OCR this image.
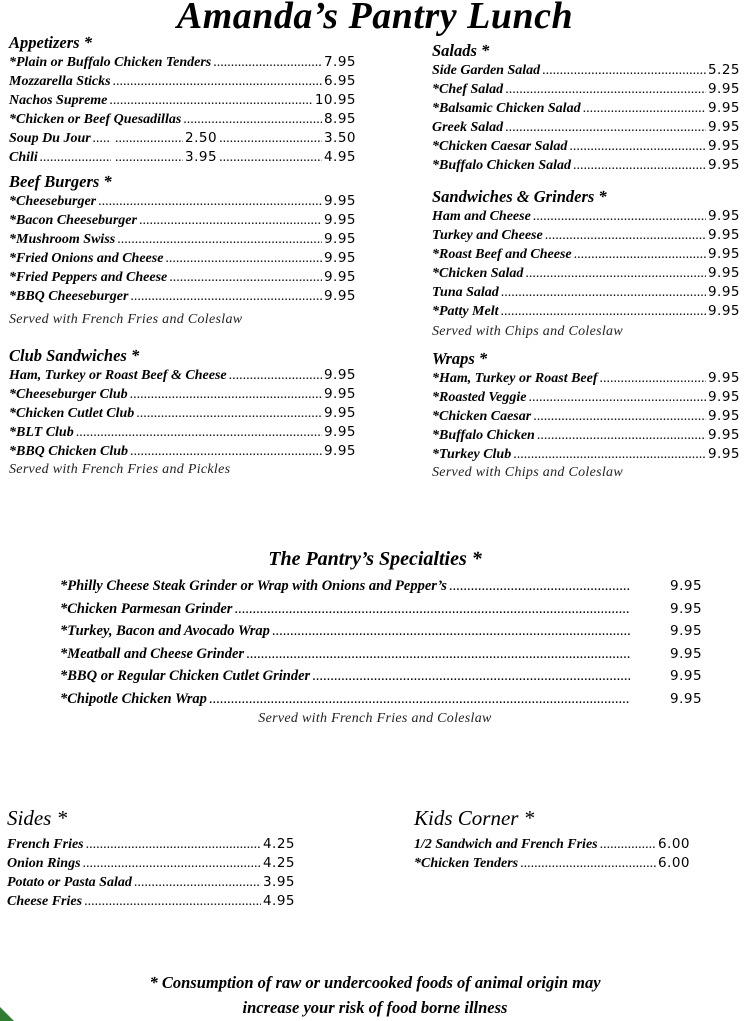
Amanda’s Pantry Lunch
Appetizers *
*Plain or Buffalo Chicken Tenders .....	7.95
Mozzarella Sticks .....	6.95
Nachos Supreme .....	10.95
*Chicken or Beef Quesadillas .....	8.95
Soup Du Jour ..... .....	2.50 .....	3.50
Chili ..... .....	3.95 .....	4.95
Beef Burgers *
*Cheeseburger .....	9.95
*Bacon Cheeseburger .....	9.95
*Mushroom Swiss .....	9.95
*Fried Onions and Cheese .....	9.95
*Fried Peppers and Cheese .....	9.95
*BBQ Cheeseburger .....	9.95
Served with French Fries and Coleslaw
Club Sandwiches *
Ham, Turkey or Roast Beef & Cheese .....	9.95
*Cheeseburger Club .....	9.95
*Chicken Cutlet Club .....	9.95
*BLT Club .....	9.95
*BBQ Chicken Club .....	9.95
Served with French Fries and Pickles
Salads *
Side Garden Salad .....	5.25
*Chef Salad .....	9.95
*Balsamic Chicken Salad .....	9.95
Greek Salad .....	9.95
*Chicken Caesar Salad .....	9.95
*Buffalo Chicken Salad .....	9.95
Sandwiches & Grinders *
Ham and Cheese .....	9.95
Turkey and Cheese .....	9.95
*Roast Beef and Cheese .....	9.95
*Chicken Salad .....	9.95
Tuna Salad .....	9.95
*Patty Melt .....	9.95
Served with Chips and Coleslaw
Wraps *
*Ham, Turkey or Roast Beef .....	9.95
*Roasted Veggie .....	9.95
*Chicken Caesar .....	9.95
*Buffalo Chicken .....	9.95
*Turkey Club .....	9.95
Served with Chips and Coleslaw
The Pantry’s Specialties *
*Philly Cheese Steak Grinder or Wrap with Onions and Pepper’s .....	9.95
*Chicken Parmesan Grinder .....	9.95
*Turkey, Bacon and Avocado Wrap .....	9.95
*Meatball and Cheese Grinder .....	9.95
*BBQ or Regular Chicken Cutlet Grinder .....	9.95
*Chipotle Chicken Wrap .....	9.95
Served with French Fries and Coleslaw
Sides *
French Fries .....	4.25
Onion Rings .....	4.25
Potato or Pasta Salad .....	3.95
Cheese Fries .....	4.95
Kids Corner *
1/2 Sandwich and French Fries .....	6.00
*Chicken Tenders .....	6.00
* Consumption of raw or undercooked foods of animal origin may
increase your risk of food borne illness
